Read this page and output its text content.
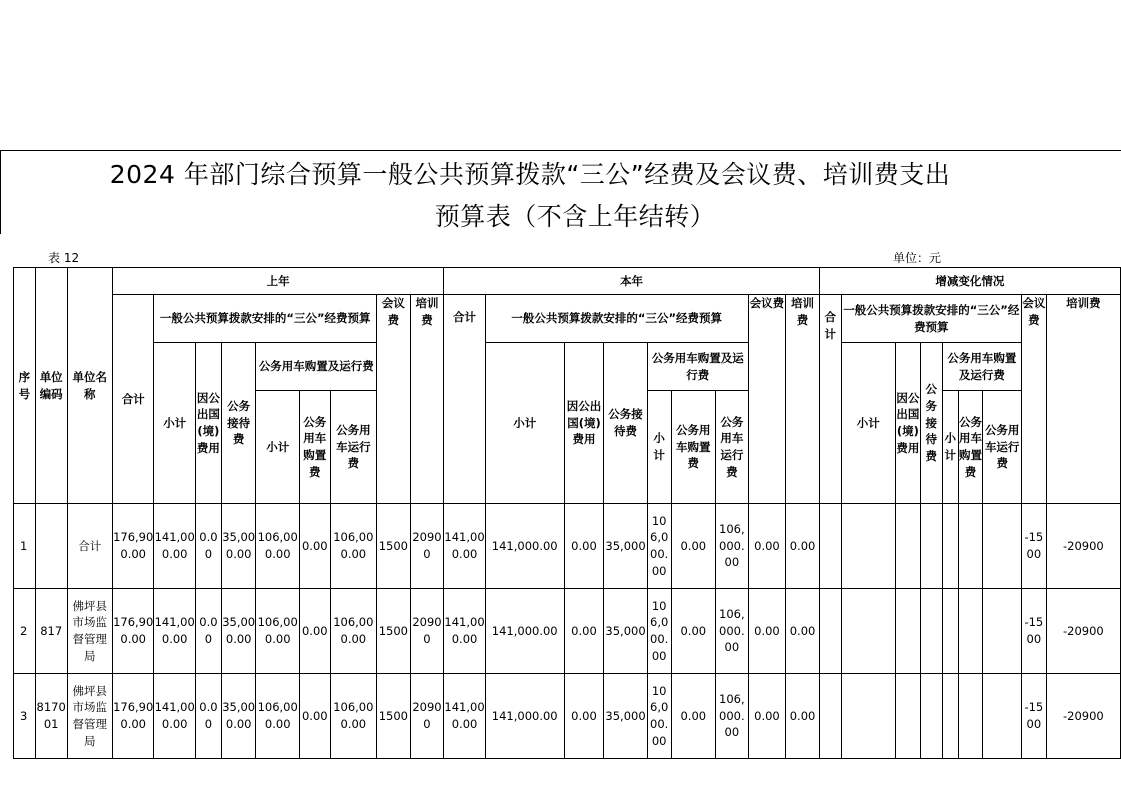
2024 年部门综合预算一般公共预算拨款“三公”经费及会议费、培训费支出
预算表（不含上年结转）
表 12	单位：元
序号	单位编码	单位名称	上年									本年									增减变化情况								
			合计	一般公共预算拨款安排的“三公”经费预算						会议费	培训费	合计	一般公共预算拨款安排的“三公”经费预算						会议费	培训费	合计	一般公共预算拨款安排的“三公”经费预算						会议费	培训费
				小计	因公出国(境)费用	公务接待费	公务用车购置及运行费						小计	因公出国(境)费用	公务接待费	公务用车购置及运行费						小计	因公出国(境)费用	公务接待费	公务用车购置及运行费				
							小计	公务用车购置费	公务用车运行费							小计	公务用车购置费	公务用车运行费							小计	公务用车购置费	公务用车运行费		
1		合计	176,900.00	141,000.00	0.00	35,000.00	106,000.00	0.00	106,000.00	1500	20900	141,000.00	141,000.00	0.00	35,000	106,000.00	0.00	106,000.00	0.00	0.00								-1500	-20900
2	817	佛坪县市场监督管理局	176,900.00	141,000.00	0.00	35,000.00	106,000.00	0.00	106,000.00	1500	20900	141,000.00	141,000.00	0.00	35,000	106,000.00	0.00	106,000.00	0.00	0.00								-1500	-20900
3	817001	佛坪县市场监督管理局	176,900.00	141,000.00	0.00	35,000.00	106,000.00	0.00	106,000.00	1500	20900	141,000.00	141,000.00	0.00	35,000	106,000.00	0.00	106,000.00	0.00	0.00								-1500	-20900
